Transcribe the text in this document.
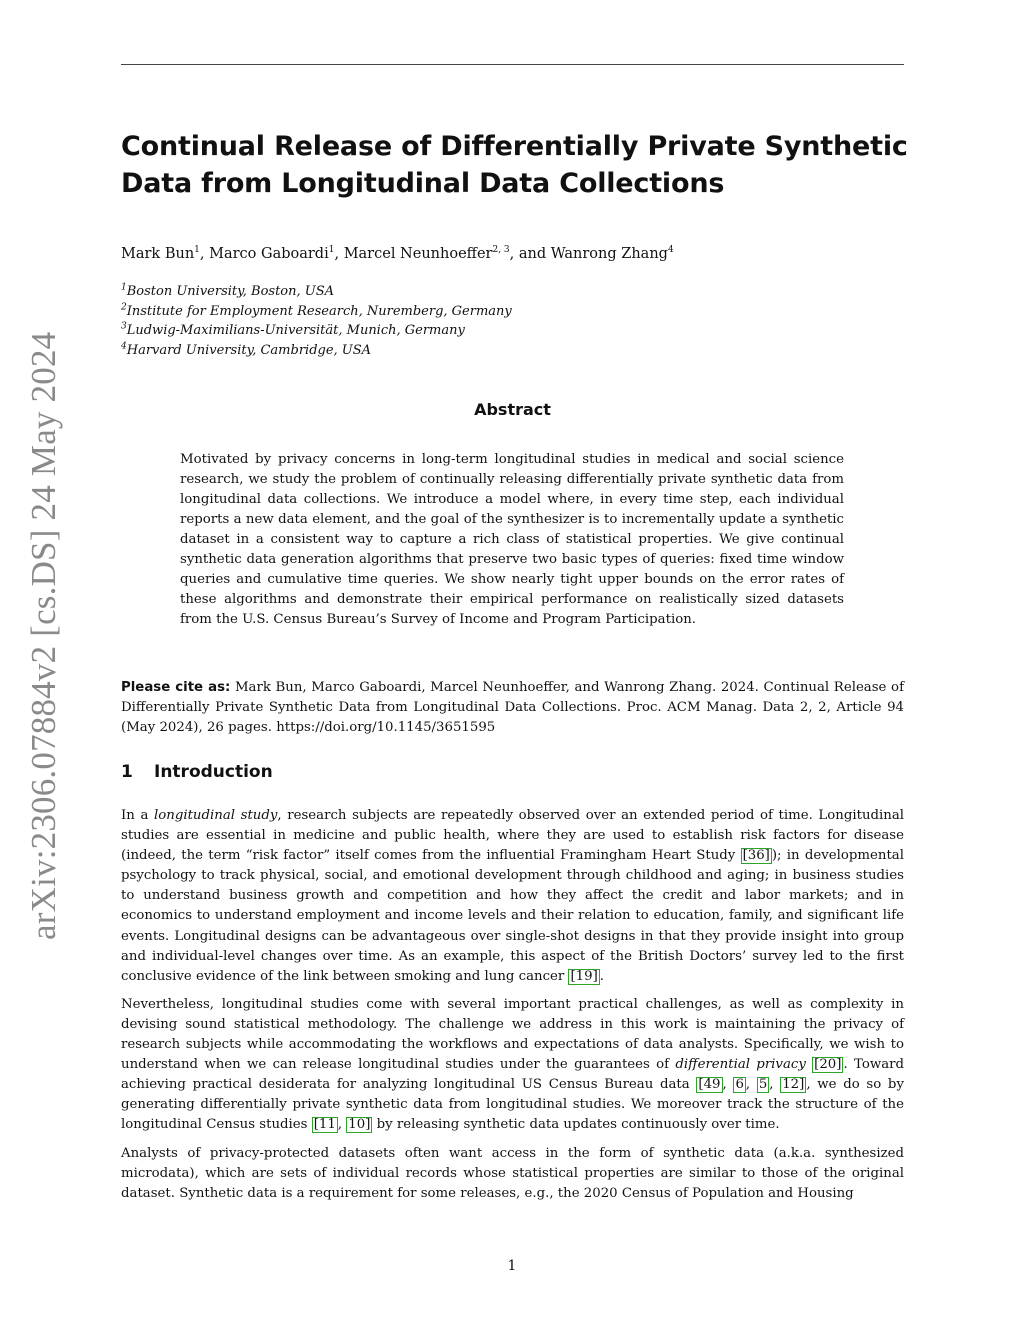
arXiv:2306.07884v2 [cs.DS] 24 May 2024
Continual Release of Differentially Private Synthetic Data from Longitudinal Data Collections
Mark Bun$^1$, Marco Gaboardi$^1$, Marcel Neunhoeffer$^{2, 3}$, and Wanrong Zhang$^4$
$^1$Boston University, Boston, USA
$^2$Institute for Employment Research, Nuremberg, Germany
$^3$Ludwig-Maximilians-Universität, Munich, Germany
$^4$Harvard University, Cambridge, USA
Abstract

Motivated by privacy concerns in long-term longitudinal studies in medical and social science research, we study the problem of continually releasing differentially private synthetic data from longitudinal data collections. We introduce a model where, in every time step, each individual reports a new data element, and the goal of the synthesizer is to incrementally update a synthetic dataset in a consistent way to capture a rich class of statistical properties. We give continual synthetic data generation algorithms that preserve two basic types of queries: fixed time window queries and cumulative time queries. We show nearly tight upper bounds on the error rates of these algorithms and demonstrate their empirical performance on realistically sized datasets from the U.S. Census Bureau’s Survey of Income and Program Participation.

Please cite as: Mark Bun, Marco Gaboardi, Marcel Neunhoeffer, and Wanrong Zhang. 2024. Continual Release of Differentially Private Synthetic Data from Longitudinal Data Collections. Proc. ACM Manag. Data 2, 2, Article 94 (May 2024), 26 pages. https://doi.org/10.1145/3651595

1 Introduction

In a longitudinal study, research subjects are repeatedly observed over an extended period of time. Longitudinal studies are essential in medicine and public health, where they are used to establish risk factors for disease (indeed, the term “risk factor” itself comes from the influential Framingham Heart Study [36] ); in developmental psychology to track physical, social, and emotional development through childhood and aging; in business studies to understand business growth and competition and how they affect the credit and labor markets; and in economics to understand employment and income levels and their relation to education, family, and significant life events. Longitudinal designs can be advantageous over single-shot designs in that they provide insight into group and individual-level changes over time. As an example, this aspect of the British Doctors’ survey led to the first conclusive evidence of the link between smoking and lung cancer [19] .

Nevertheless, longitudinal studies come with several important practical challenges, as well as complexity in devising sound statistical methodology. The challenge we address in this work is maintaining the privacy of research subjects while accommodating the workflows and expectations of data analysts. Specifically, we wish to understand when we can release longitudinal studies under the guarantees of differential privacy [20] . Toward achieving practical desiderata for analyzing longitudinal US Census Bureau data [49 , 6 , 5 , 12] , we do so by generating differentially private synthetic data from longitudinal studies. We moreover track the structure of the longitudinal Census studies [11 , 10] by releasing synthetic data updates continuously over time.

Analysts of privacy-protected datasets often want access in the form of synthetic data (a.k.a. synthesized microdata), which are sets of individual records whose statistical properties are similar to those of the original dataset. Synthetic data is a requirement for some releases, e.g., the 2020 Census of Population and Housing

1
